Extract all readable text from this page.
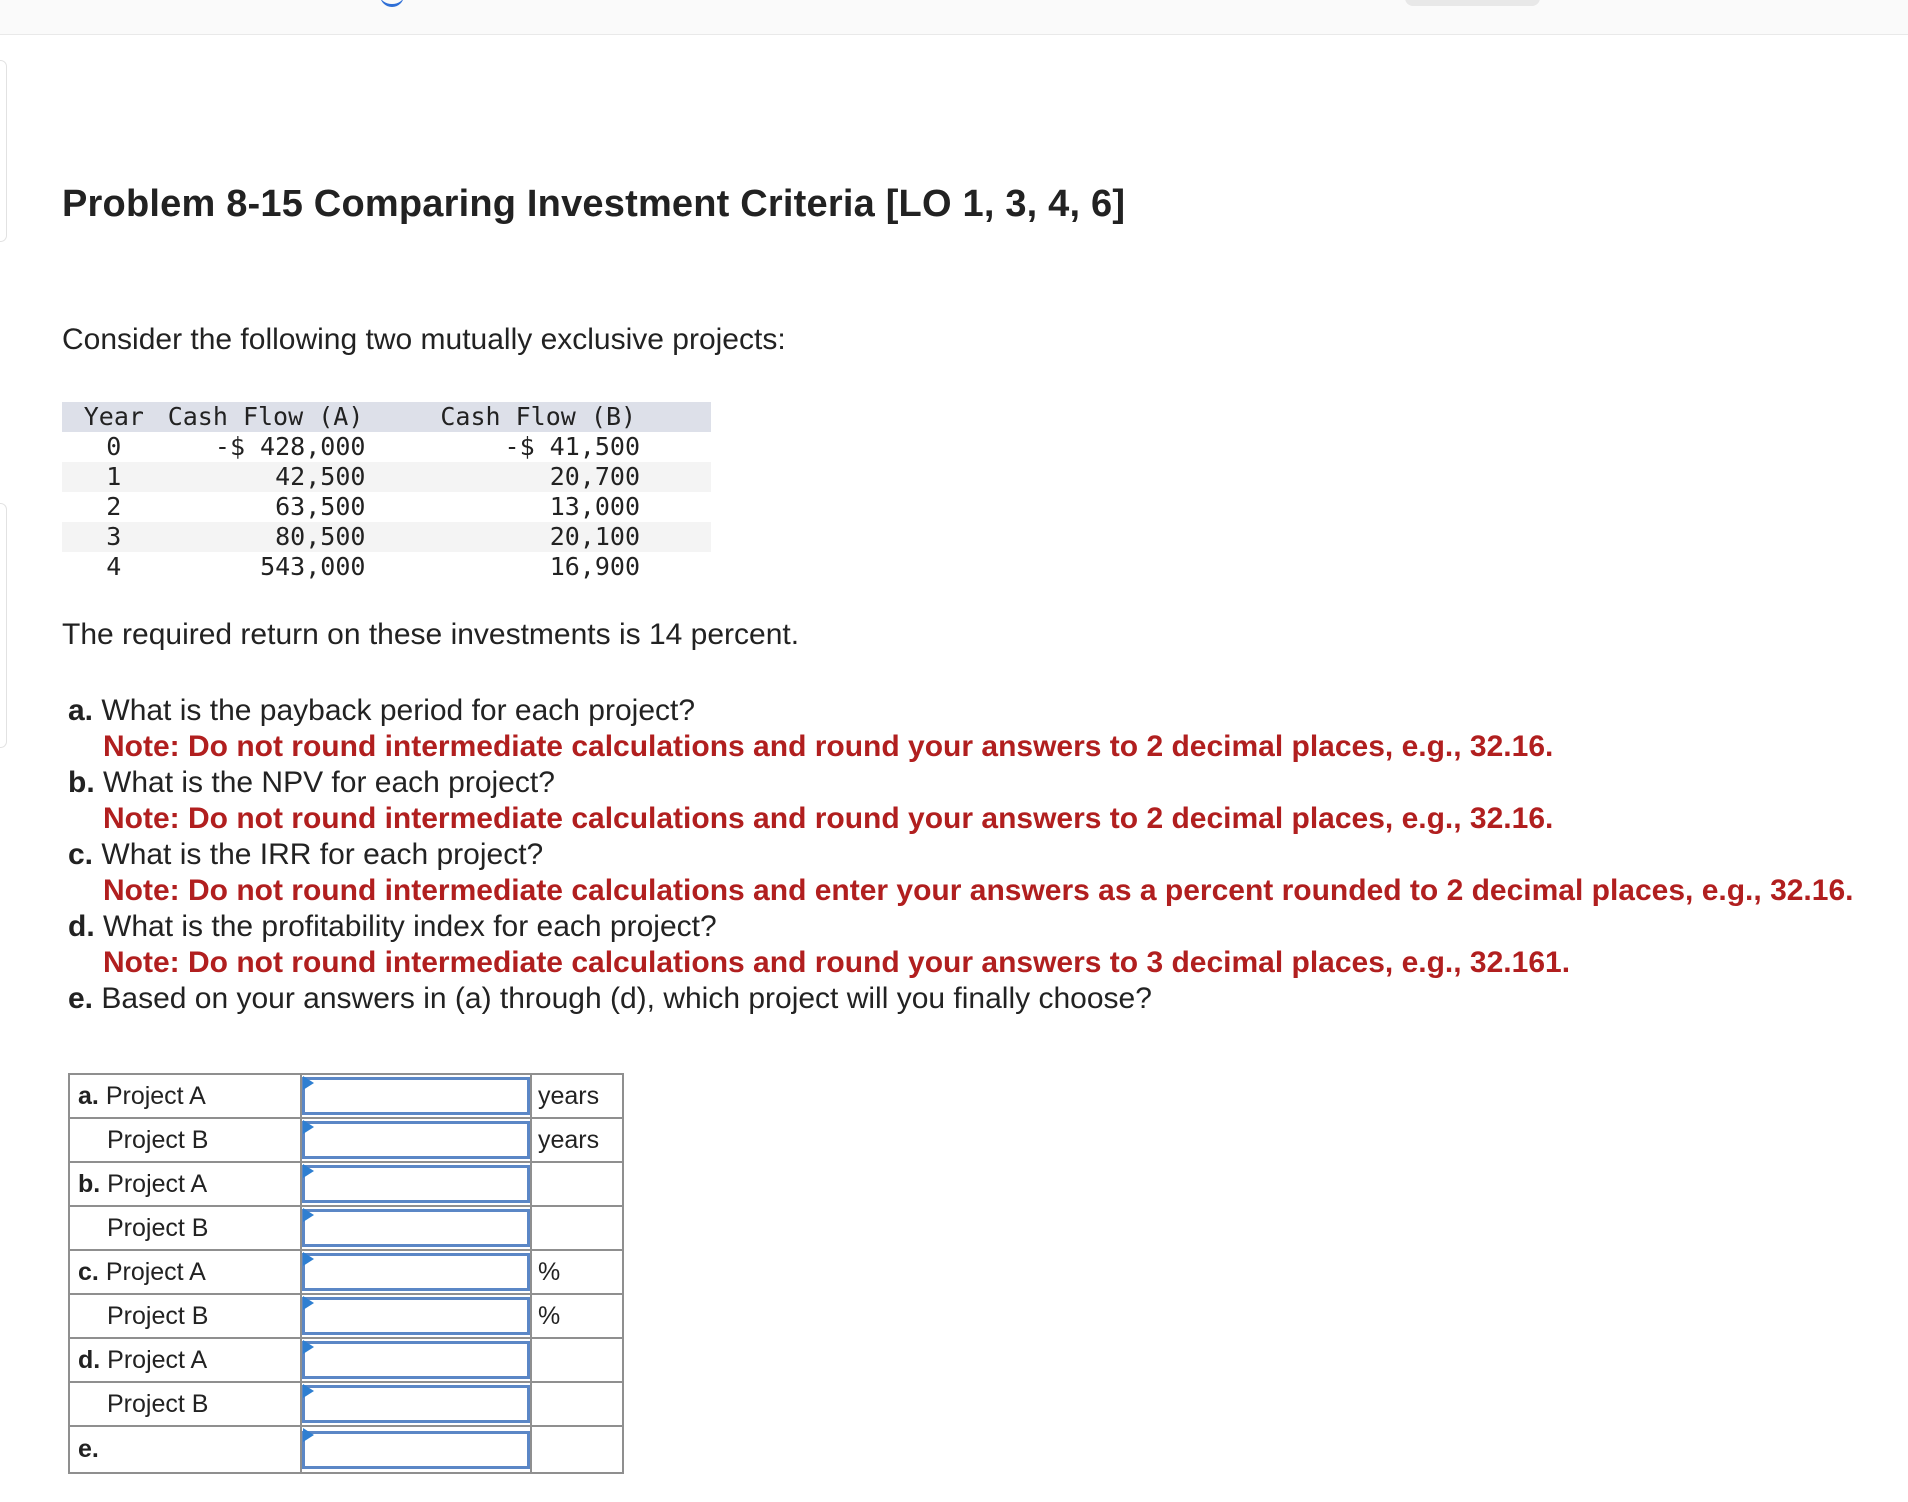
Problem 8-15 Comparing Investment Criteria [LO 1, 3, 4, 6]
Consider the following two mutually exclusive projects:
Year	Cash Flow (A)	Cash Flow (B)
0	-$ 428,000	-$ 41,500
1	42,500	20,700
2	63,500	13,000
3	80,500	20,100
4	543,000	16,900
The required return on these investments is 14 percent.
a. What is the payback period for each project?
Note: Do not round intermediate calculations and round your answers to 2 decimal places, e.g., 32.16.
b. What is the NPV for each project?
Note: Do not round intermediate calculations and round your answers to 2 decimal places, e.g., 32.16.
c. What is the IRR for each project?
Note: Do not round intermediate calculations and enter your answers as a percent rounded to 2 decimal places, e.g., 32.16.
d. What is the profitability index for each project?
Note: Do not round intermediate calculations and round your answers to 3 decimal places, e.g., 32.161.
e. Based on your answers in (a) through (d), which project will you finally choose?
a. Project A		years
Project B		years
b. Project A	

Project B	

c. Project A		%
Project B		%
d. Project A	

Project B	

e.	
